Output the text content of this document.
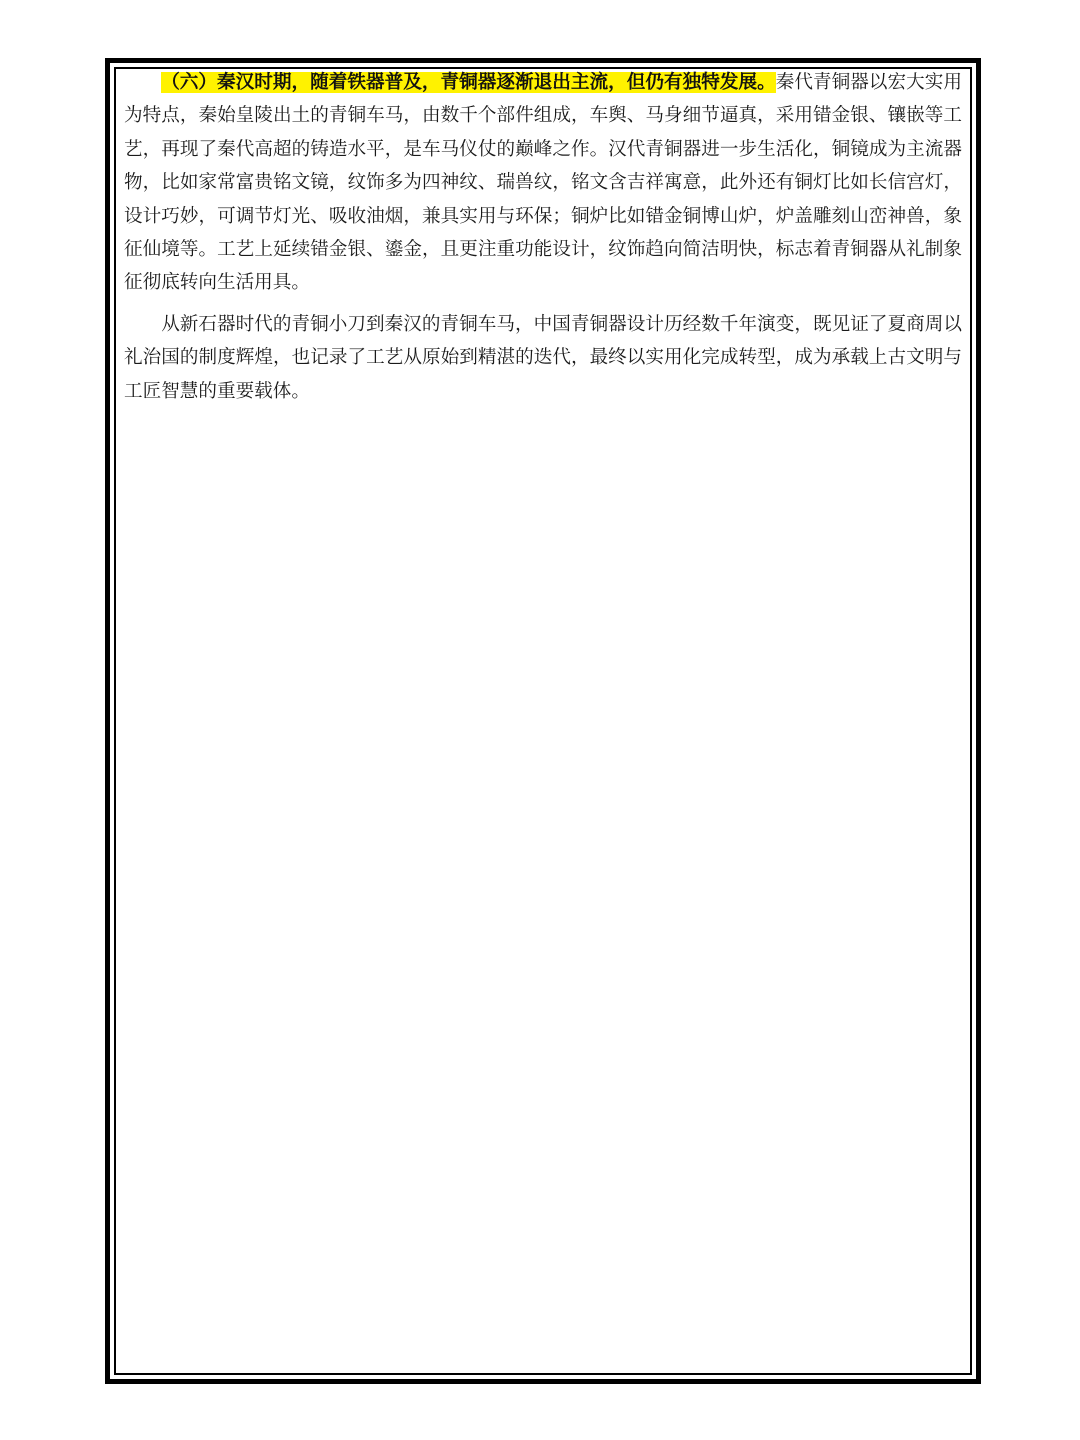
（六）秦汉时期，随着铁器普及，青铜器逐渐退出主流，但仍有独特发展。秦代青铜器以宏大实用为特点，秦始皇陵出土的青铜车马，由数千个部件组成，车舆、马身细节逼真，采用错金银、镶嵌等工艺，再现了秦代高超的铸造水平，是车马仪仗的巅峰之作。汉代青铜器进一步生活化，铜镜成为主流器物，比如家常富贵铭文镜，纹饰多为四神纹、瑞兽纹，铭文含吉祥寓意，此外还有铜灯比如长信宫灯，设计巧妙，可调节灯光、吸收油烟，兼具实用与环保；铜炉比如错金铜博山炉，炉盖雕刻山峦神兽，象征仙境等。工艺上延续错金银、鎏金，且更注重功能设计，纹饰趋向简洁明快，标志着青铜器从礼制象征彻底转向生活用具。

从新石器时代的青铜小刀到秦汉的青铜车马，中国青铜器设计历经数千年演变，既见证了夏商周以礼治国的制度辉煌，也记录了工艺从原始到精湛的迭代，最终以实用化完成转型，成为承载上古文明与工匠智慧的重要载体。
